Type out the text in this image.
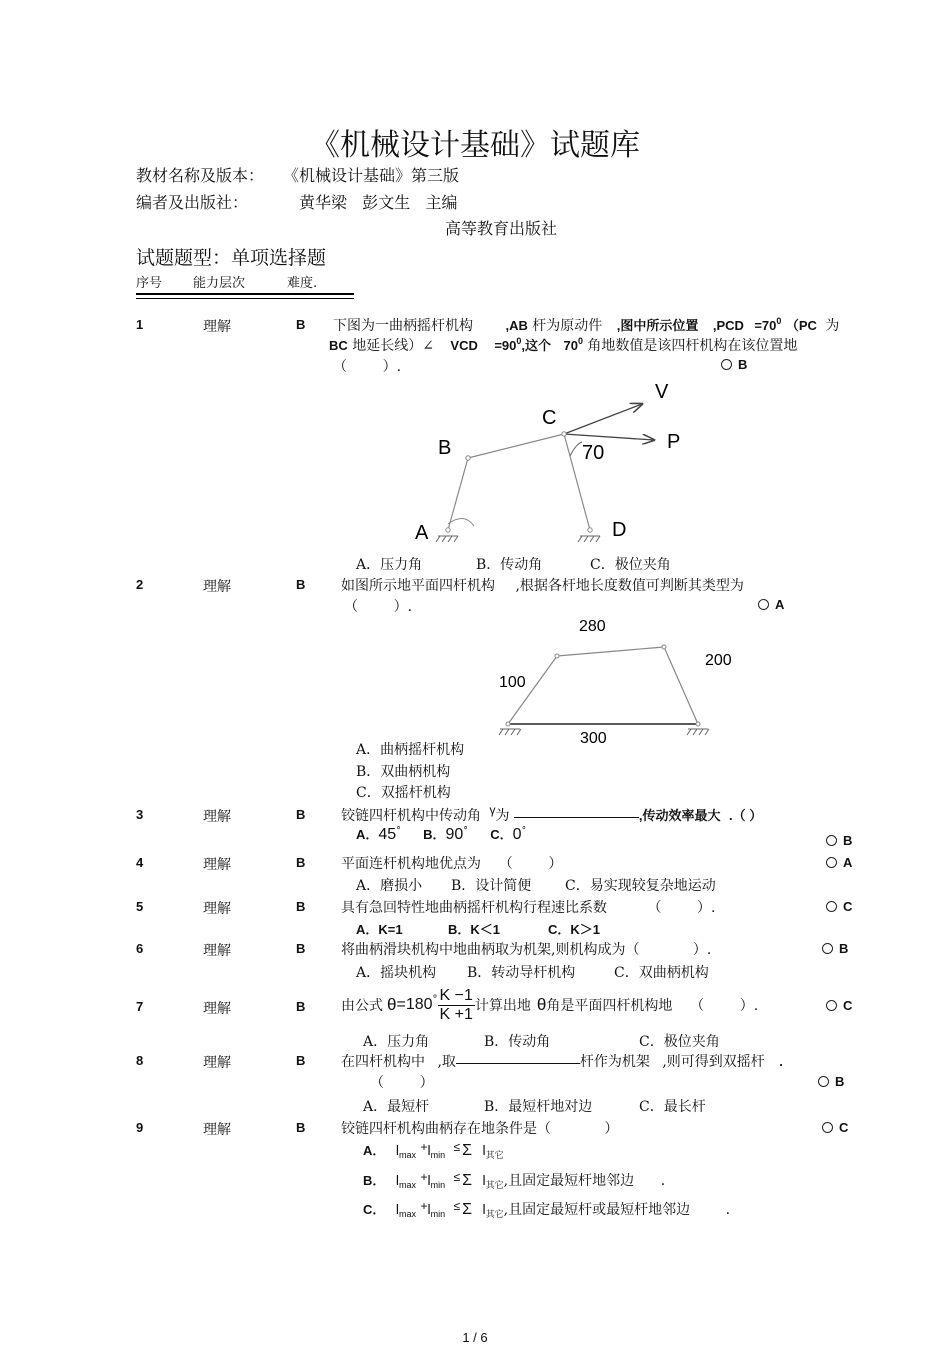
《机械设计基础》试题库
教材名称及版本： 《机械设计基础》第三版
编者及出版社：	黄华梁   彭文生   主编
高等教育出版社
试题题型：单项选择题
序号 能力层次	难度.
1	理解	B 下图为一曲柄摇杆机构 ,AB 杆为原动件 ,图中所示位置 $,PCD =70^0$ （PC 为
BC 地延长线）∠ VCD $=90^0$,这个 $70^0$ 角地数值是该四杆机构在该位置地
（        ）.	B
V
C
P
B	70
A	D
A．压力角	B．传动角	C．极位夹角
2	理解	B	如图所示地平面四杆机构 ,根据各杆地长度数值可判断其类型为
（        ）.	A
280
200
100
300
A．曲柄摇杆机构
B．双曲柄机构
C．双摇杆机构
3	理解	B	铰链四杆机构中传动角 γ为	,传动效率最大 .（ ）
A．45° B．90° C．0°
B
4	理解	B	平面连杆机构地优点为    （        ）	A
A．磨损小 B．设计简便 C．易实现较复杂地运动
5	理解	B	具有急回特性地曲柄摇杆机构行程速比系数	（        ）.	C
A．K=1	B．K＜1	C．K＞1
6	理解	B	将曲柄滑块机构中地曲柄取为机架,则机构成为（            ）.	B
A．摇块机构 B．转动导杆机构	C．双曲柄机构
7	理解	B	由公式 θ =180 ° $\frac{K -1}{K +1}$ 计算出地 θ 角是平面四杆机构地    （        ）.	C
A．压力角	B．传动角	C．极位夹角
8	理解	B	在四杆机构中 ,取	杆作为机架 ,则可得到双摇杆 .
（        ）	B
A．最短杆	B．最短杆地对边	C．最长杆
9	理解	B	铰链四杆机构曲柄存在地条件是（            ）	C
A． $l_{max} +l_{min} \le \Sigma$ $l_{其它}$
B． $l_{max} +l_{min} \le \Sigma$ $l_{其它}$,且固定最短杆地邻边      .
C． $l_{max} +l_{min} \le \Sigma$ $l_{其它}$,且固定最短杆或最短杆地邻边        .
1 / 6
